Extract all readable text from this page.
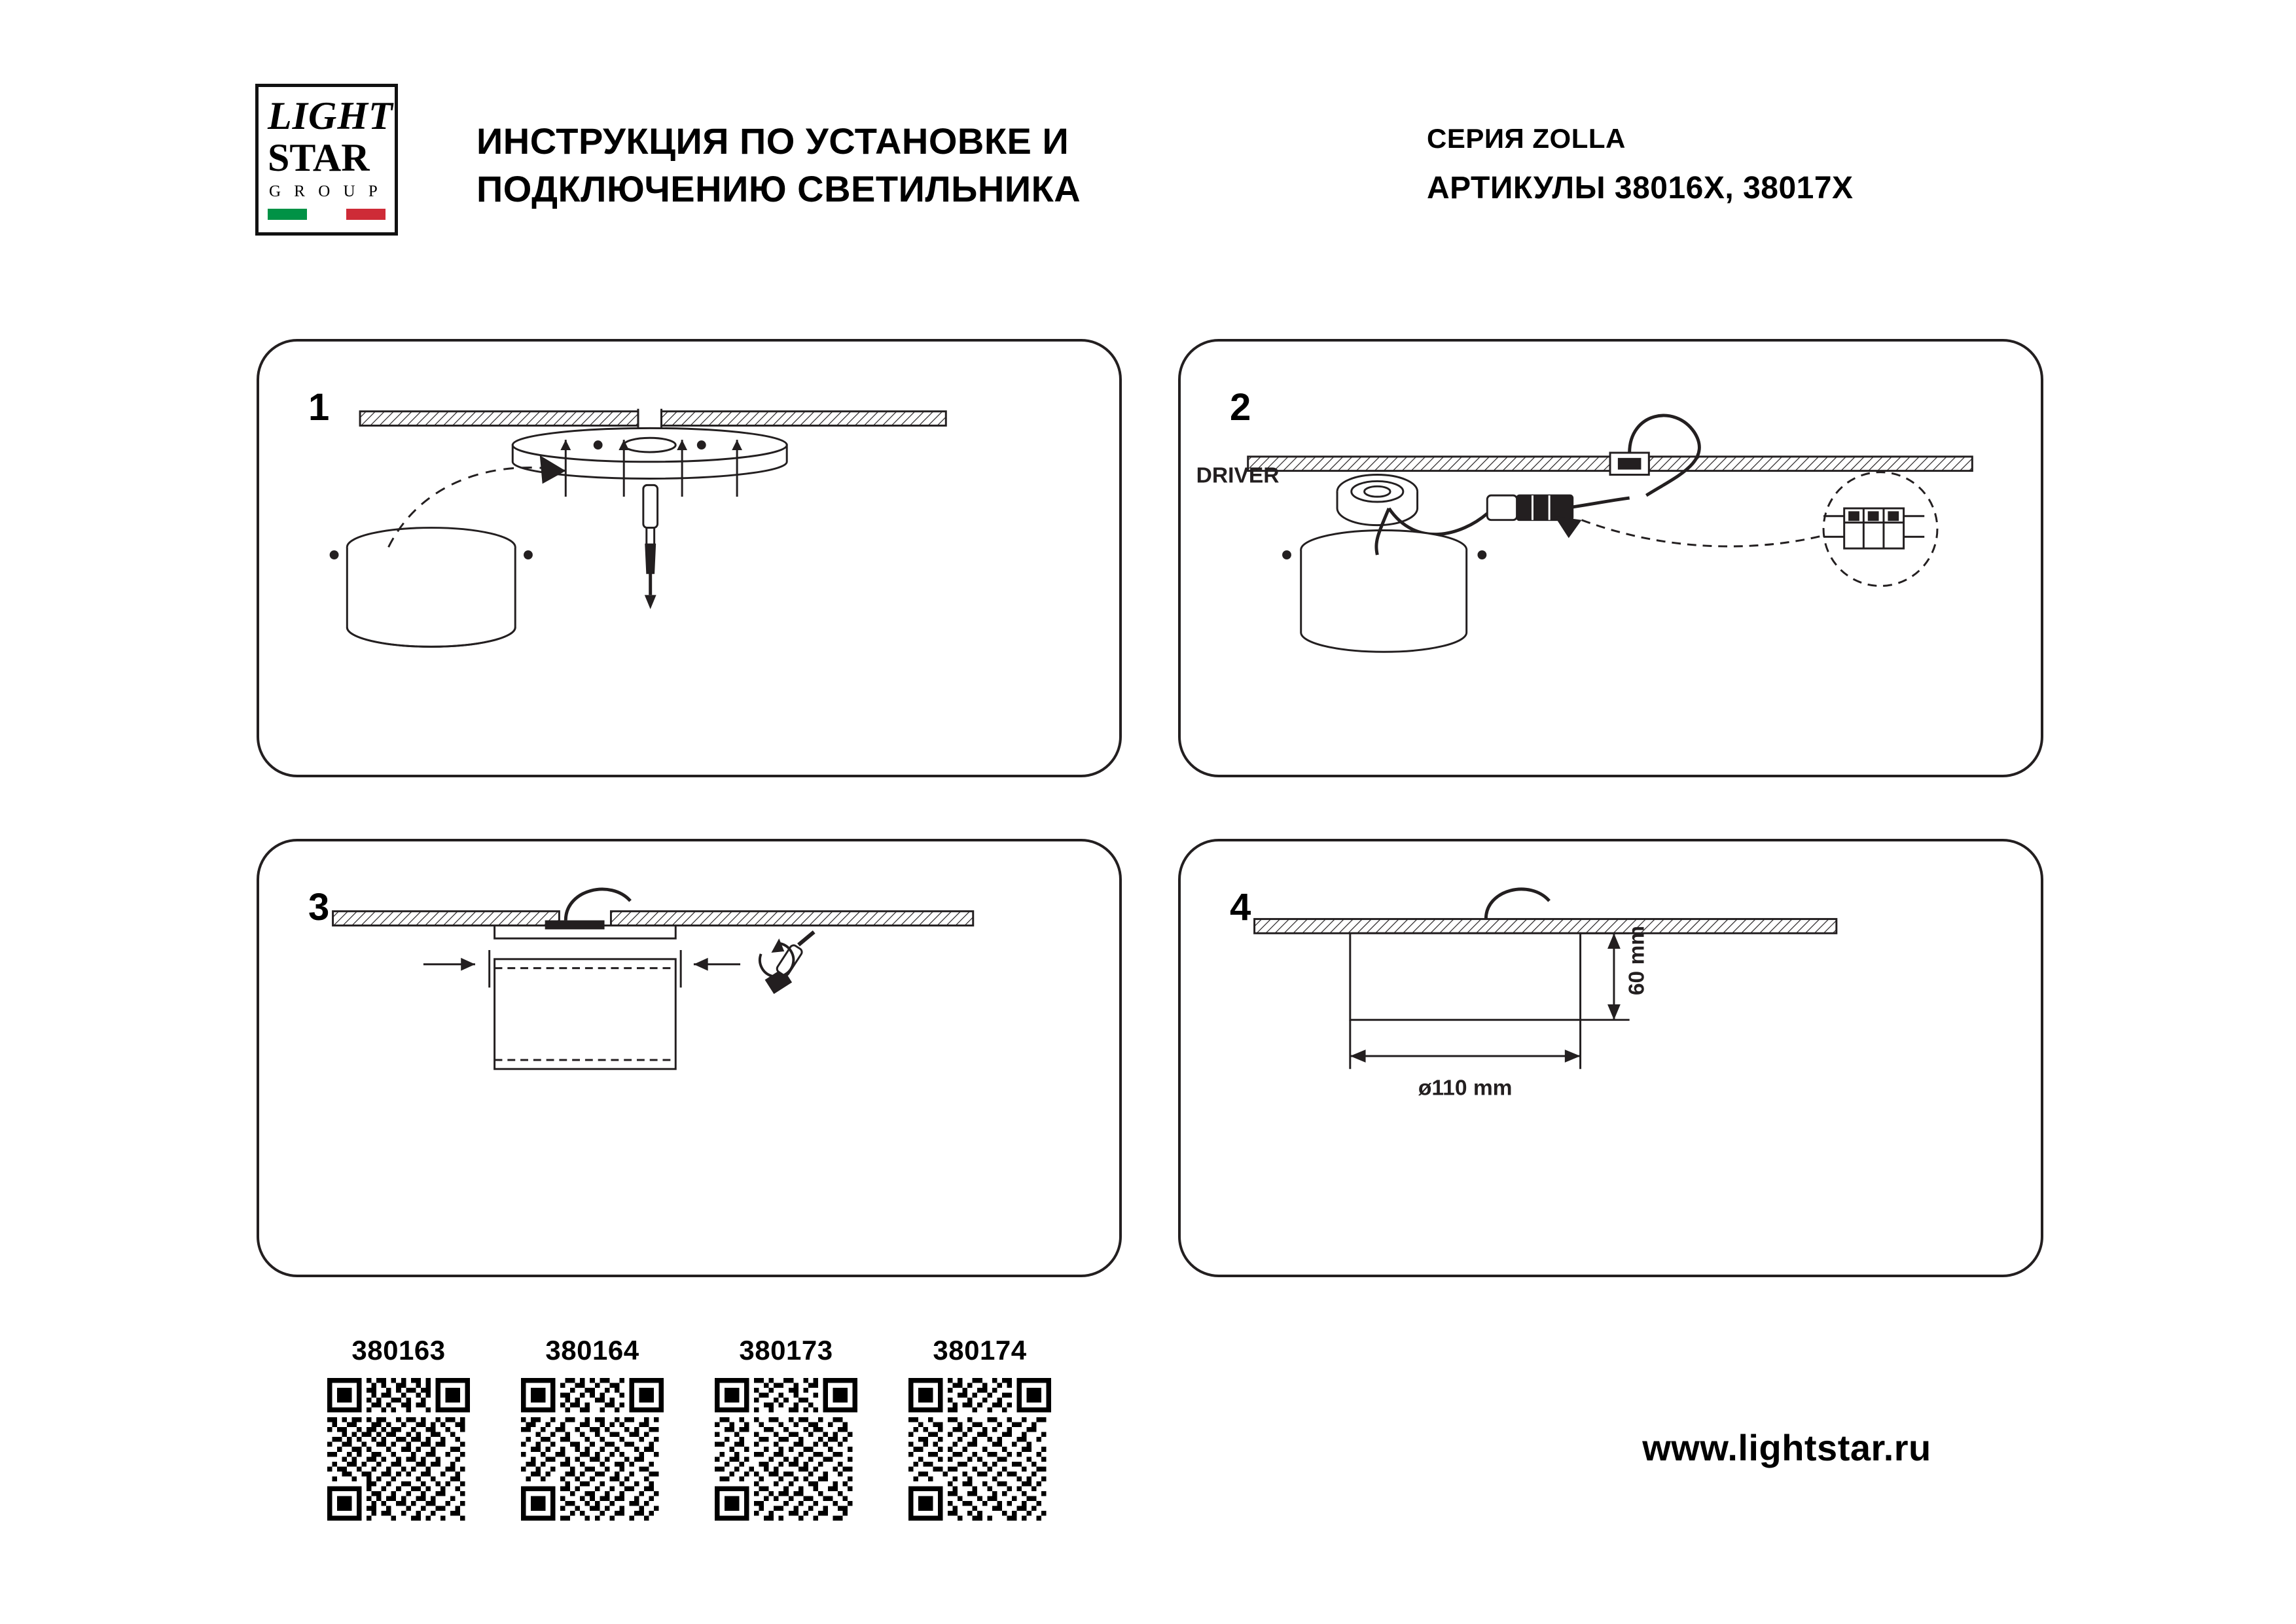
LIGHT
STAR
G R O U P
ИНСТРУКЦИЯ ПО УСТАНОВКЕ И ПОДКЛЮЧЕНИЮ СВЕТИЛЬНИКА
СЕРИЯ ZOLLA
АРТИКУЛЫ 38016Х, 38017Х
1	2
DRIVER
3	4
60 mm
ø110 mm
380163	380164	380173	380174
www.lightstar.ru
